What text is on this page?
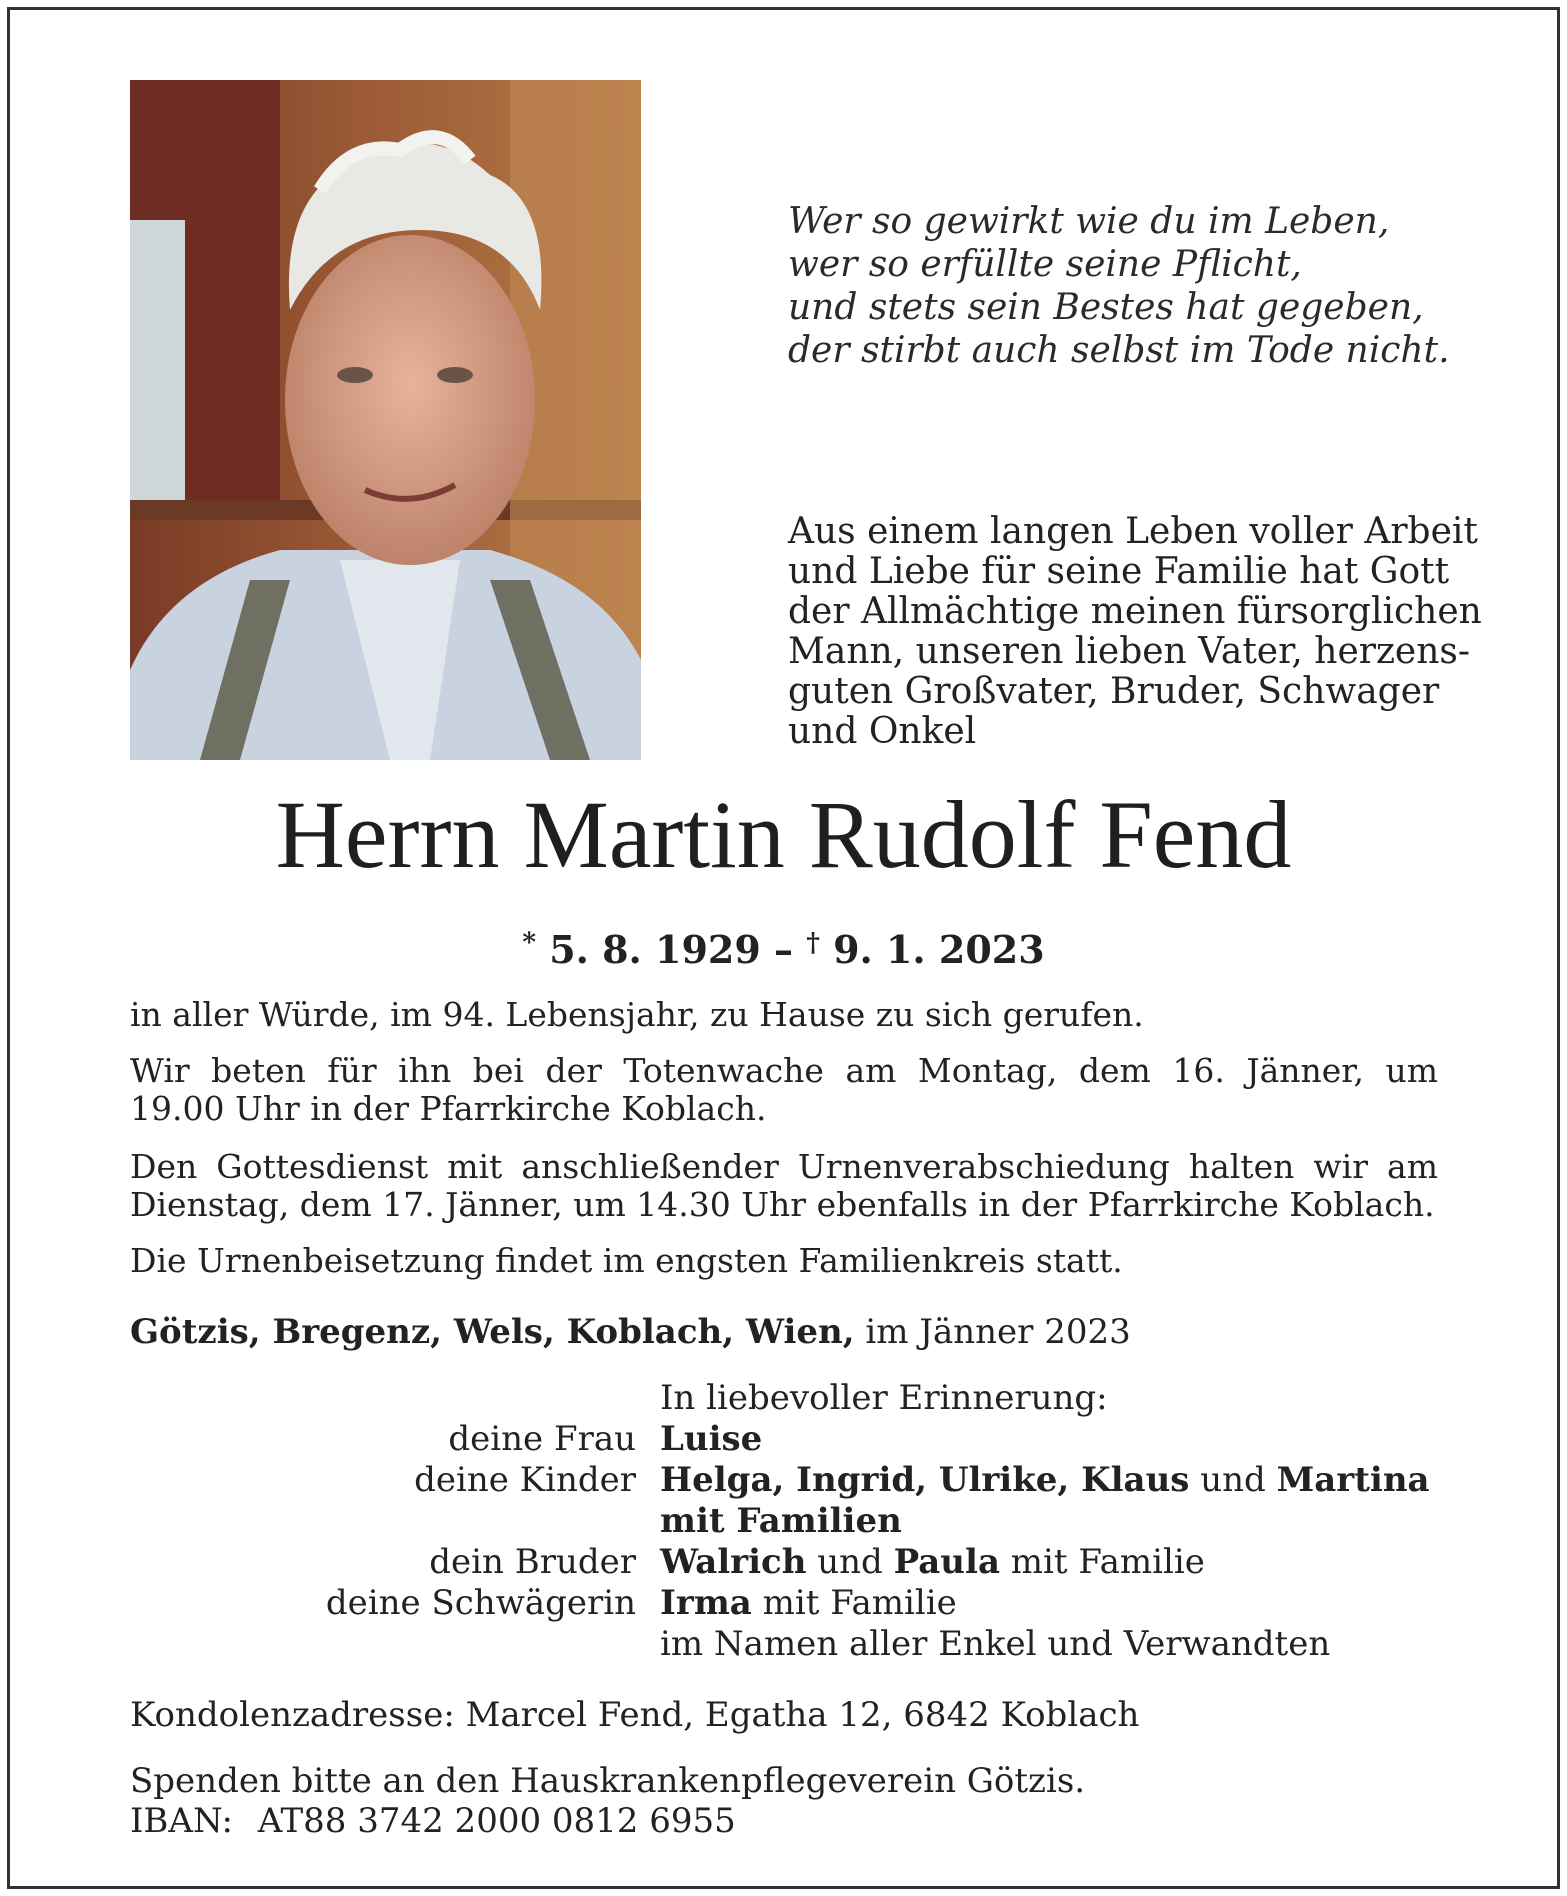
Wer so gewirkt wie du im Leben,
wer so erfüllte seine Pflicht,
und stets sein Bestes hat gegeben,
der stirbt auch selbst im Tode nicht.
Aus einem langen Leben voller Arbeit
und Liebe für seine Familie hat Gott
der Allmächtige meinen fürsorglichen
Mann, unseren lieben Vater, herzens-
guten Großvater, Bruder, Schwager
und Onkel
Herrn Martin Rudolf Fend
* 5. 8. 1929 – † 9. 1. 2023
in aller Würde, im 94. Lebensjahr, zu Hause zu sich gerufen.
Wir beten für ihn bei der Totenwache am Montag, dem 16. Jänner, um
19.00 Uhr in der Pfarrkirche Koblach.
Den Gottesdienst mit anschließender Urnenverabschiedung halten wir am
Dienstag, dem 17. Jänner, um 14.30 Uhr ebenfalls in der Pfarrkirche Koblach.
Die Urnenbeisetzung findet im engsten Familienkreis statt.
Götzis, Bregenz, Wels, Koblach, Wien, im Jänner 2023
In liebevoller Erinnerung:
deine Frau Luise
deine Kinder Helga, Ingrid, Ulrike, Klaus und Martina
mit Familien
dein Bruder Walrich und Paula mit Familie
deine Schwägerin Irma mit Familie
im Namen aller Enkel und Verwandten
Kondolenzadresse: Marcel Fend, Egatha 12, 6842 Koblach
Spenden bitte an den Hauskrankenpflegeverein Götzis.
IBAN: AT88 3742 2000 0812 6955
